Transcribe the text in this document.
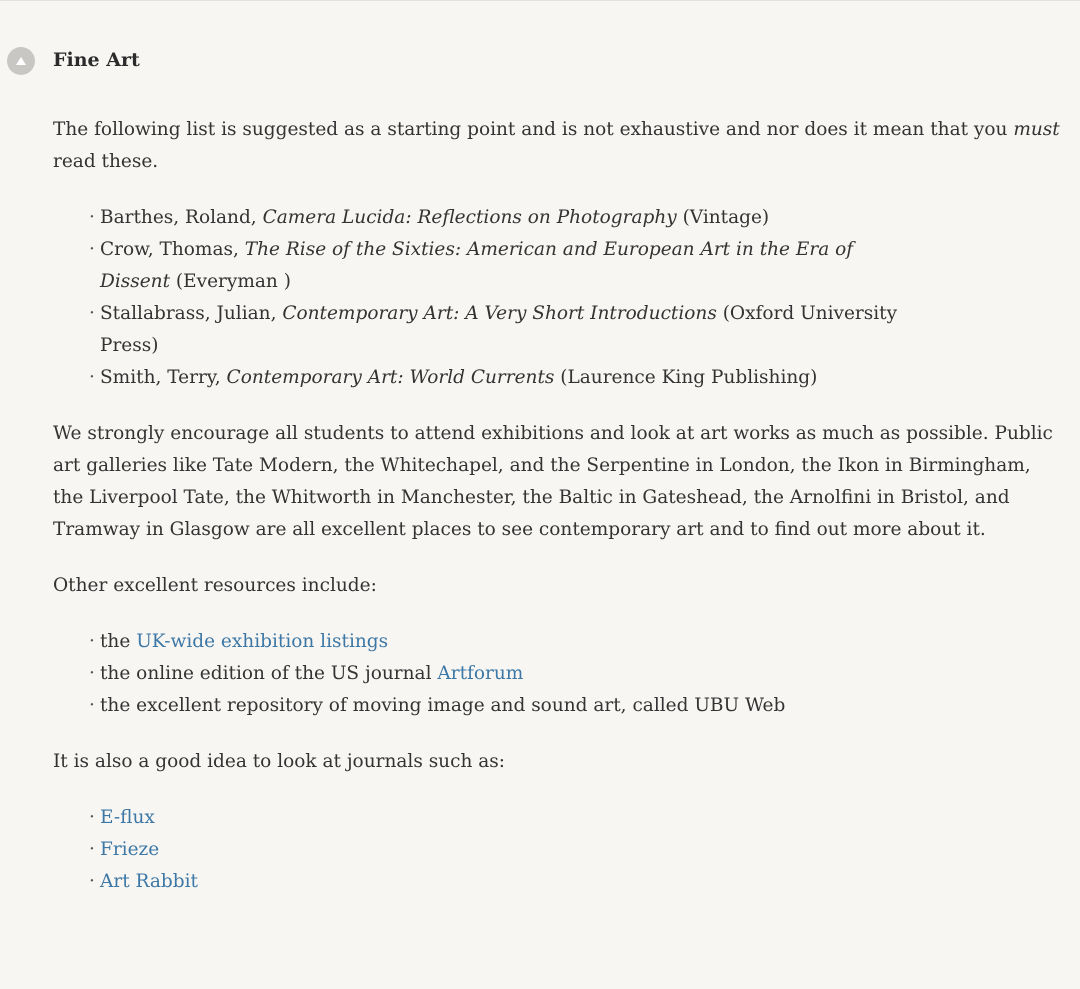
Fine Art

The following list is suggested as a starting point and is not exhaustive and nor does it mean that you must read these.

· Barthes, Roland, Camera Lucida: Reflections on Photography (Vintage)
· Crow, Thomas, The Rise of the Sixties: American and European Art in the Era of Dissent (Everyman )
· Stallabrass, Julian, Contemporary Art: A Very Short Introductions (Oxford University Press)
· Smith, Terry, Contemporary Art: World Currents (Laurence King Publishing)

We strongly encourage all students to attend exhibitions and look at art works as much as possible. Public art galleries like Tate Modern, the Whitechapel, and the Serpentine in London, the Ikon in Birmingham, the Liverpool Tate, the Whitworth in Manchester, the Baltic in Gateshead, the Arnolfini in Bristol, and Tramway in Glasgow are all excellent places to see contemporary art and to find out more about it.

Other excellent resources include:

· the UK-wide exhibition listings
· the online edition of the US journal Artforum
· the excellent repository of moving image and sound art, called UBU Web

It is also a good idea to look at journals such as:

· E-flux
· Frieze
· Art Rabbit
